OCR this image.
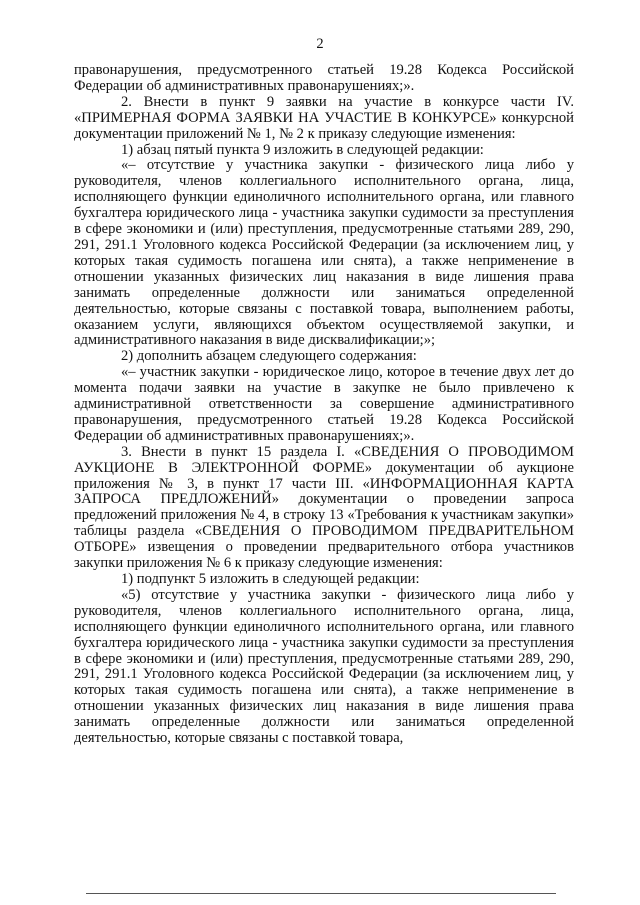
2

правонарушения, предусмотренного статьей 19.28 Кодекса Российской Федерации об административных правонарушениях;».

2. Внести в пункт 9 заявки на участие в конкурсе части IV. «ПРИМЕРНАЯ ФОРМА ЗАЯВКИ НА УЧАСТИЕ В КОНКУРСЕ» конкурсной документации приложений № 1, № 2 к приказу следующие изменения:

1) абзац пятый пункта 9 изложить в следующей редакции:

«– отсутствие у участника закупки - физического лица либо у руководителя, членов коллегиального исполнительного органа, лица, исполняющего функции единоличного исполнительного органа, или главного бухгалтера юридического лица - участника закупки судимости за преступления в сфере экономики и (или) преступления, предусмотренные статьями 289, 290, 291, 291.1 Уголовного кодекса Российской Федерации (за исключением лиц, у которых такая судимость погашена или снята), а также неприменение в отношении указанных физических лиц наказания в виде лишения права занимать определенные должности или заниматься определенной деятельностью, которые связаны с поставкой товара, выполнением работы, оказанием услуги, являющихся объектом осуществляемой закупки, и административного наказания в виде дисквалификации;»;

2) дополнить абзацем следующего содержания:

«– участник закупки - юридическое лицо, которое в течение двух лет до момента подачи заявки на участие в закупке не было привлечено к административной ответственности за совершение административного правонарушения, предусмотренного статьей 19.28 Кодекса Российской Федерации об административных правонарушениях;».

3. Внести в пункт 15 раздела I. «СВЕДЕНИЯ О ПРОВОДИМОМ АУКЦИОНЕ В ЭЛЕКТРОННОЙ ФОРМЕ» документации об аукционе приложения № 3, в пункт 17 части III. «ИНФОРМАЦИОННАЯ КАРТА ЗАПРОСА ПРЕДЛОЖЕНИЙ» документации о проведении запроса предложений приложения № 4, в строку 13 «Требования к участникам закупки» таблицы раздела «СВЕДЕНИЯ О ПРОВОДИМОМ ПРЕДВАРИТЕЛЬНОМ ОТБОРЕ» извещения о проведении предварительного отбора участников закупки приложения № 6 к приказу следующие изменения:

1) подпункт 5 изложить в следующей редакции:

«5) отсутствие у участника закупки - физического лица либо у руководителя, членов коллегиального исполнительного органа, лица, исполняющего функции единоличного исполнительного органа, или главного бухгалтера юридического лица - участника закупки судимости за преступления в сфере экономики и (или) преступления, предусмотренные статьями 289, 290, 291, 291.1 Уголовного кодекса Российской Федерации (за исключением лиц, у которых такая судимость погашена или снята), а также неприменение в отношении указанных физических лиц наказания в виде лишения права занимать определенные должности или заниматься определенной деятельностью, которые связаны с поставкой товара,
